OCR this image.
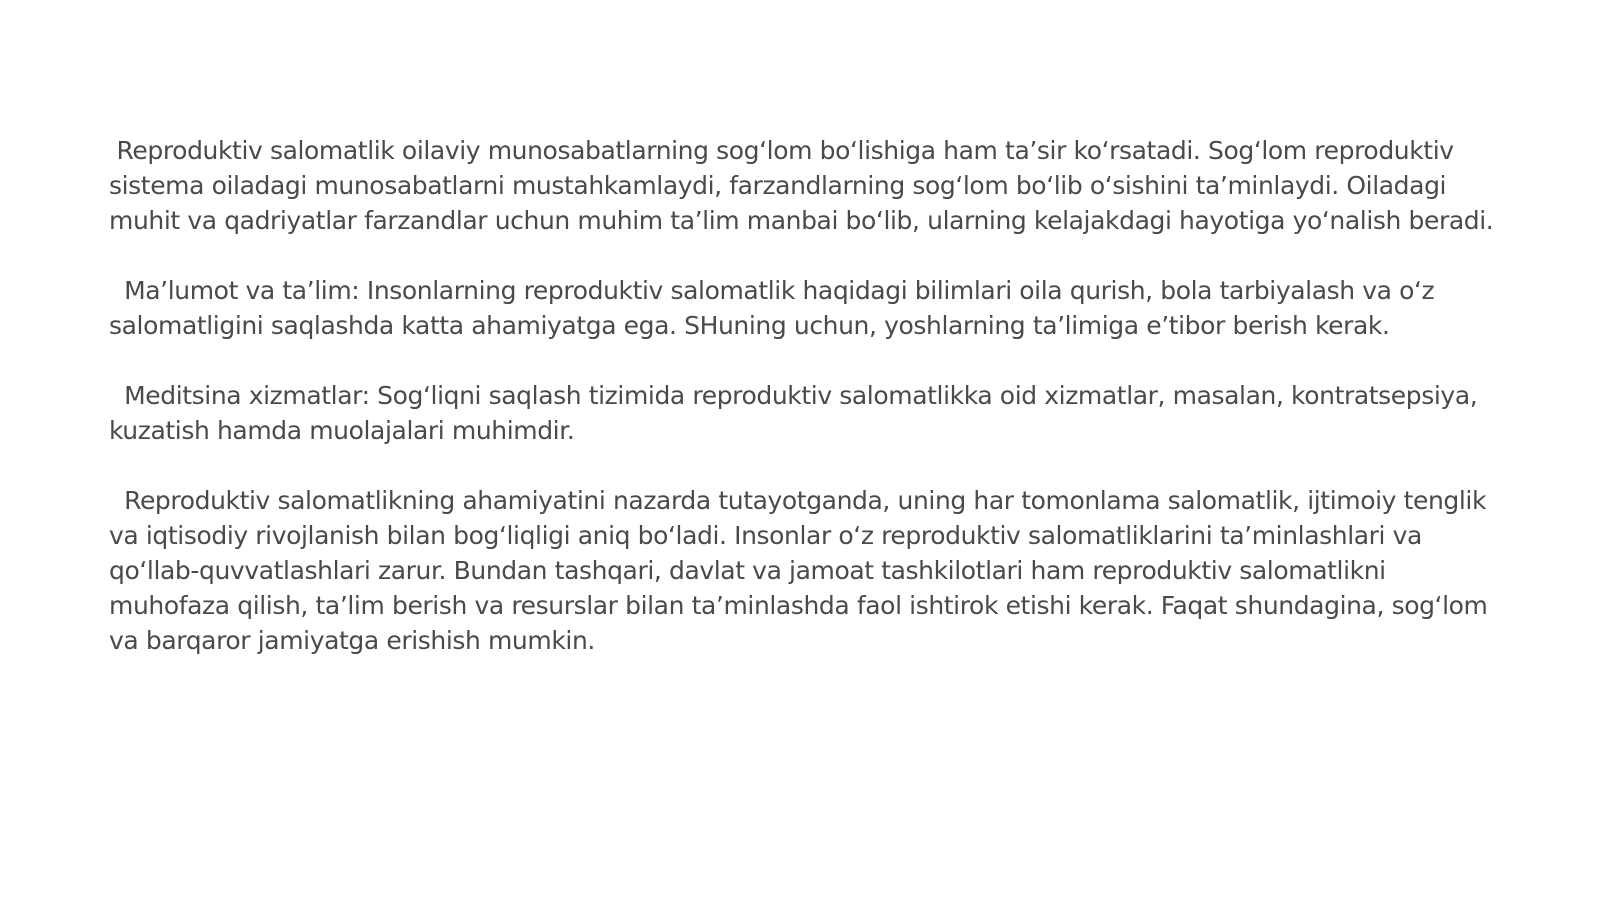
Reproduktiv salomatlik oilaviy munosabatlarning sog‘lom bo‘lishiga ham ta’sir ko‘rsatadi. Sog‘lom reproduktiv sistema oiladagi munosabatlarni mustahkamlaydi, farzandlarning sog‘lom bo‘lib o‘sishini ta’minlaydi. Oiladagi muhit va qadriyatlar farzandlar uchun muhim ta’lim manbai bo‘lib, ularning kelajakdagi hayotiga yo‘nalish beradi.

Ma’lumot va ta’lim: Insonlarning reproduktiv salomatlik haqidagi bilimlari oila qurish, bola tarbiyalash va o‘z salomatligini saqlashda katta ahamiyatga ega. SHuning uchun, yoshlarning ta’limiga e’tibor berish kerak.

Meditsina xizmatlar: Sog‘liqni saqlash tizimida reproduktiv salomatlikka oid xizmatlar, masalan, kontratsepsiya, kuzatish hamda muolajalari muhimdir.

Reproduktiv salomatlikning ahamiyatini nazarda tutayotganda, uning har tomonlama salomatlik, ijtimoiy tenglik va iqtisodiy rivojlanish bilan bog‘liqligi aniq bo‘ladi. Insonlar o‘z reproduktiv salomatliklarini ta’minlashlari va qo‘llab-quvvatlashlari zarur. Bundan tashqari, davlat va jamoat tashkilotlari ham reproduktiv salomatlikni muhofaza qilish, ta’lim berish va resurslar bilan ta’minlashda faol ishtirok etishi kerak. Faqat shundagina, sog‘lom va barqaror jamiyatga erishish mumkin.
